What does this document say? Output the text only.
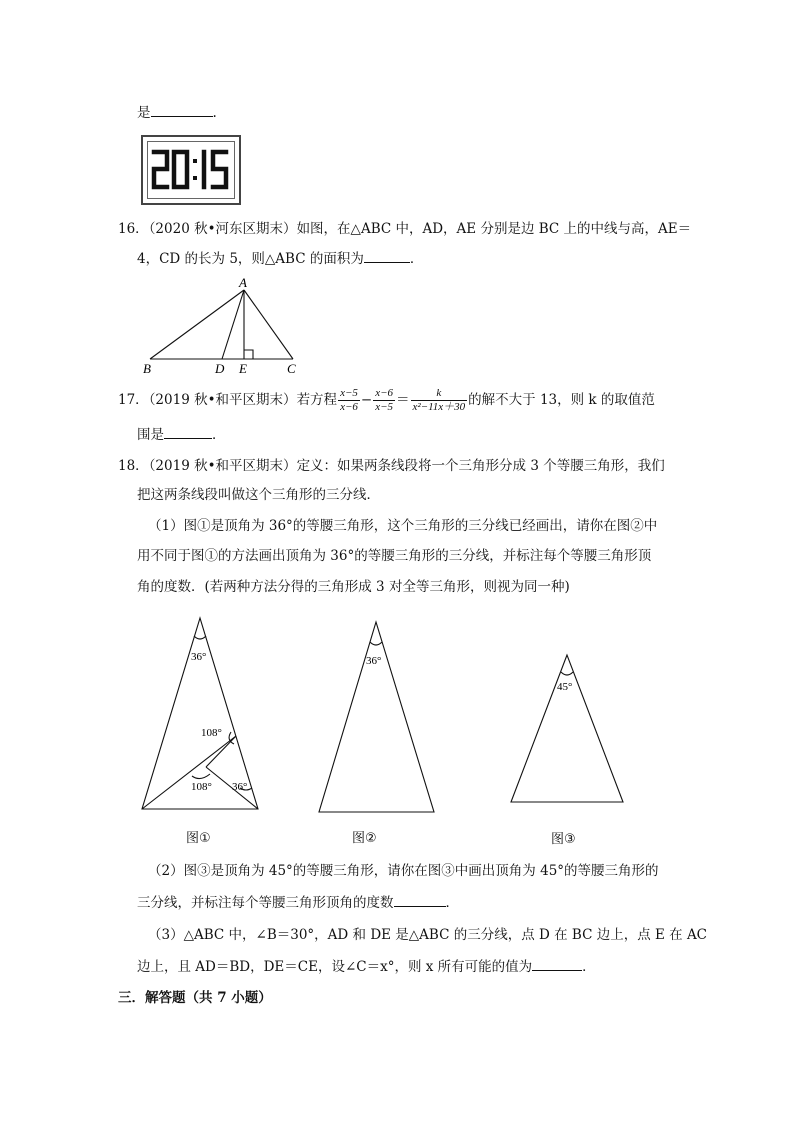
是	.
16．（2020 秋•河东区期末）如图，在△ABC 中，AD，AE 分别是边 BC 上的中线与高，AE＝
4，CD 的长为 5，则△ABC 的面积为	．
A
B	D E	C
17．（2019 秋•和平区期末）若方程 $\frac{x-5}{x-6} - \frac{x-6}{x-5} = \frac{k}{\text{x²−11x＋30}}$ 的解不大于 13，则 k 的取值范
围是	．
18．（2019 秋•和平区期末）定义：如果两条线段将一个三角形分成 3 个等腰三角形，我们
把这两条线段叫做这个三角形的三分线．
（1）图①是顶角为 36°的等腰三角形，这个三角形的三分线已经画出，请你在图②中
用不同于图①的方法画出顶角为 36°的等腰三角形的三分线，并标注每个等腰三角形顶
角的度数．(若两种方法分得的三角形成 3 对全等三角形，则视为同一种)
36°
108°
108° 36°
36°
45°
图①	图②	图③
（2）图③是顶角为 45°的等腰三角形，请你在图③中画出顶角为 45°的等腰三角形的
三分线，并标注每个等腰三角形顶角的度数	．
（3）△ABC 中，∠B＝30°，AD 和 DE 是△ABC 的三分线，点 D 在 BC 边上，点 E 在 AC
边上，且 AD＝BD，DE＝CE，设∠C＝x°，则 x 所有可能的值为	．
三．解答题（共 7 小题）
